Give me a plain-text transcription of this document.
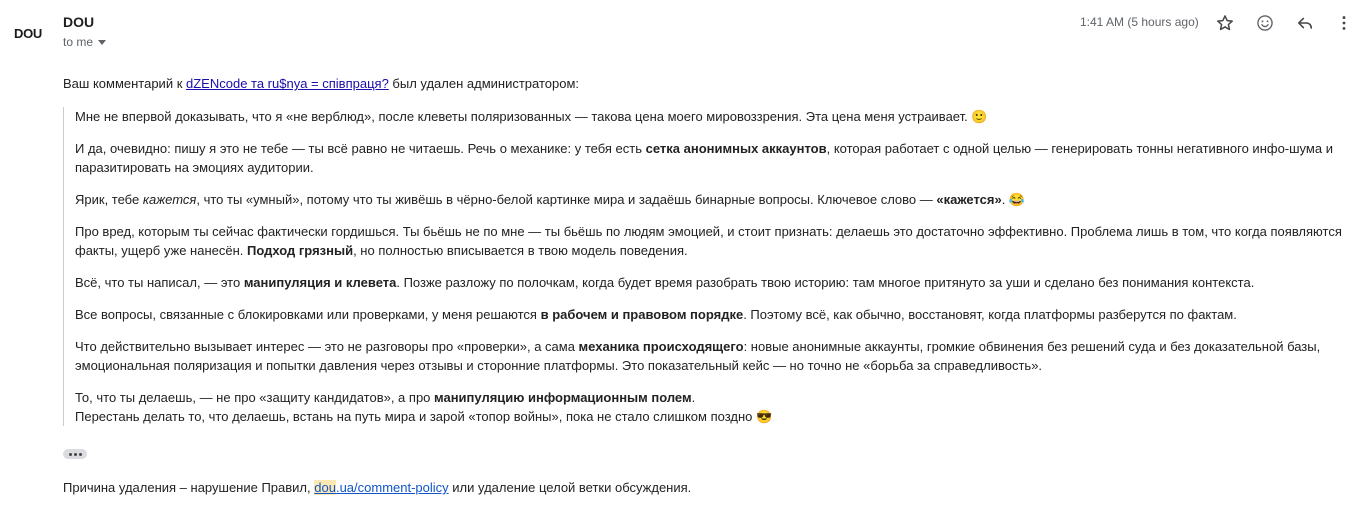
DOU
DOU
to me
1:41 AM (5 hours ago)

Ваш комментарий к dZENcode та ru$nya = співпраця? был удален администратором:

Мне не впервой доказывать, что я «не верблюд», после клеветы поляризованных — такова цена моего мировоззрения. Эта цена меня устраивает. 🙂

И да, очевидно: пишу я это не тебе — ты всё равно не читаешь. Речь о механике: у тебя есть сетка анонимных аккаунтов, которая работает с одной целью — генерировать тонны негативного инфо-шума и паразитировать на эмоциях аудитории.

Ярик, тебе кажется, что ты «умный», потому что ты живёшь в чёрно-белой картинке мира и задаёшь бинарные вопросы. Ключевое слово — «кажется». 😂

Про вред, которым ты сейчас фактически гордишься. Ты бьёшь не по мне — ты бьёшь по людям эмоцией, и стоит признать: делаешь это достаточно эффективно. Проблема лишь в том, что когда появляются факты, ущерб уже нанесён. Подход грязный, но полностью вписывается в твою модель поведения.

Всё, что ты написал, — это манипуляция и клевета. Позже разложу по полочкам, когда будет время разобрать твою историю: там многое притянуто за уши и сделано без понимания контекста.

Все вопросы, связанные с блокировками или проверками, у меня решаются в рабочем и правовом порядке. Поэтому всё, как обычно, восстановят, когда платформы разберутся по фактам.

Что действительно вызывает интерес — это не разговоры про «проверки», а сама механика происходящего: новые анонимные аккаунты, громкие обвинения без решений суда и без доказательной базы, эмоциональная поляризация и попытки давления через отзывы и сторонние платформы. Это показательный кейс — но точно не «борьба за справедливость».

То, что ты делаешь, — не про «защиту кандидатов», а про манипуляцию информационным полем.
Перестань делать то, что делаешь, встань на путь мира и зарой «топор войны», пока не стало слишком поздно 😎

Причина удаления – нарушение Правил, dou.ua/comment-policy или удаление целой ветки обсуждения.
